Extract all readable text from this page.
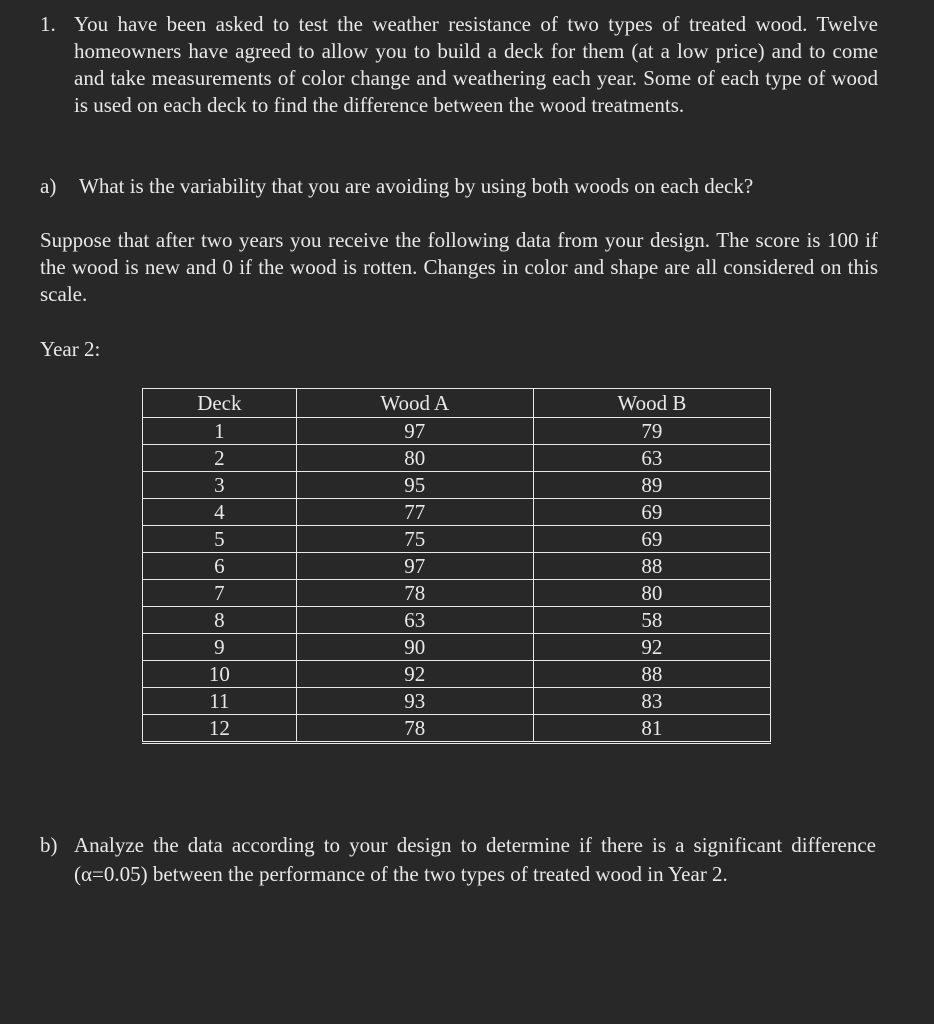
1. You have been asked to test the weather resistance of two types of treated wood. Twelve homeowners have agreed to allow you to build a deck for them (at a low price) and to come and take measurements of color change and weathering each year. Some of each type of wood is used on each deck to find the difference between the wood treatments.
a) What is the variability that you are avoiding by using both woods on each deck?
Suppose that after two years you receive the following data from your design. The score is 100 if the wood is new and 0 if the wood is rotten. Changes in color and shape are all considered on this scale.
Year 2:
Deck	Wood A	Wood B
1	97	79
2	80	63
3	95	89
4	77	69
5	75	69
6	97	88
7	78	80
8	63	58
9	90	92
10	92	88
11	93	83
12	78	81
b) Analyze the data according to your design to determine if there is a significant difference (α=0.05) between the performance of the two types of treated wood in Year 2.
